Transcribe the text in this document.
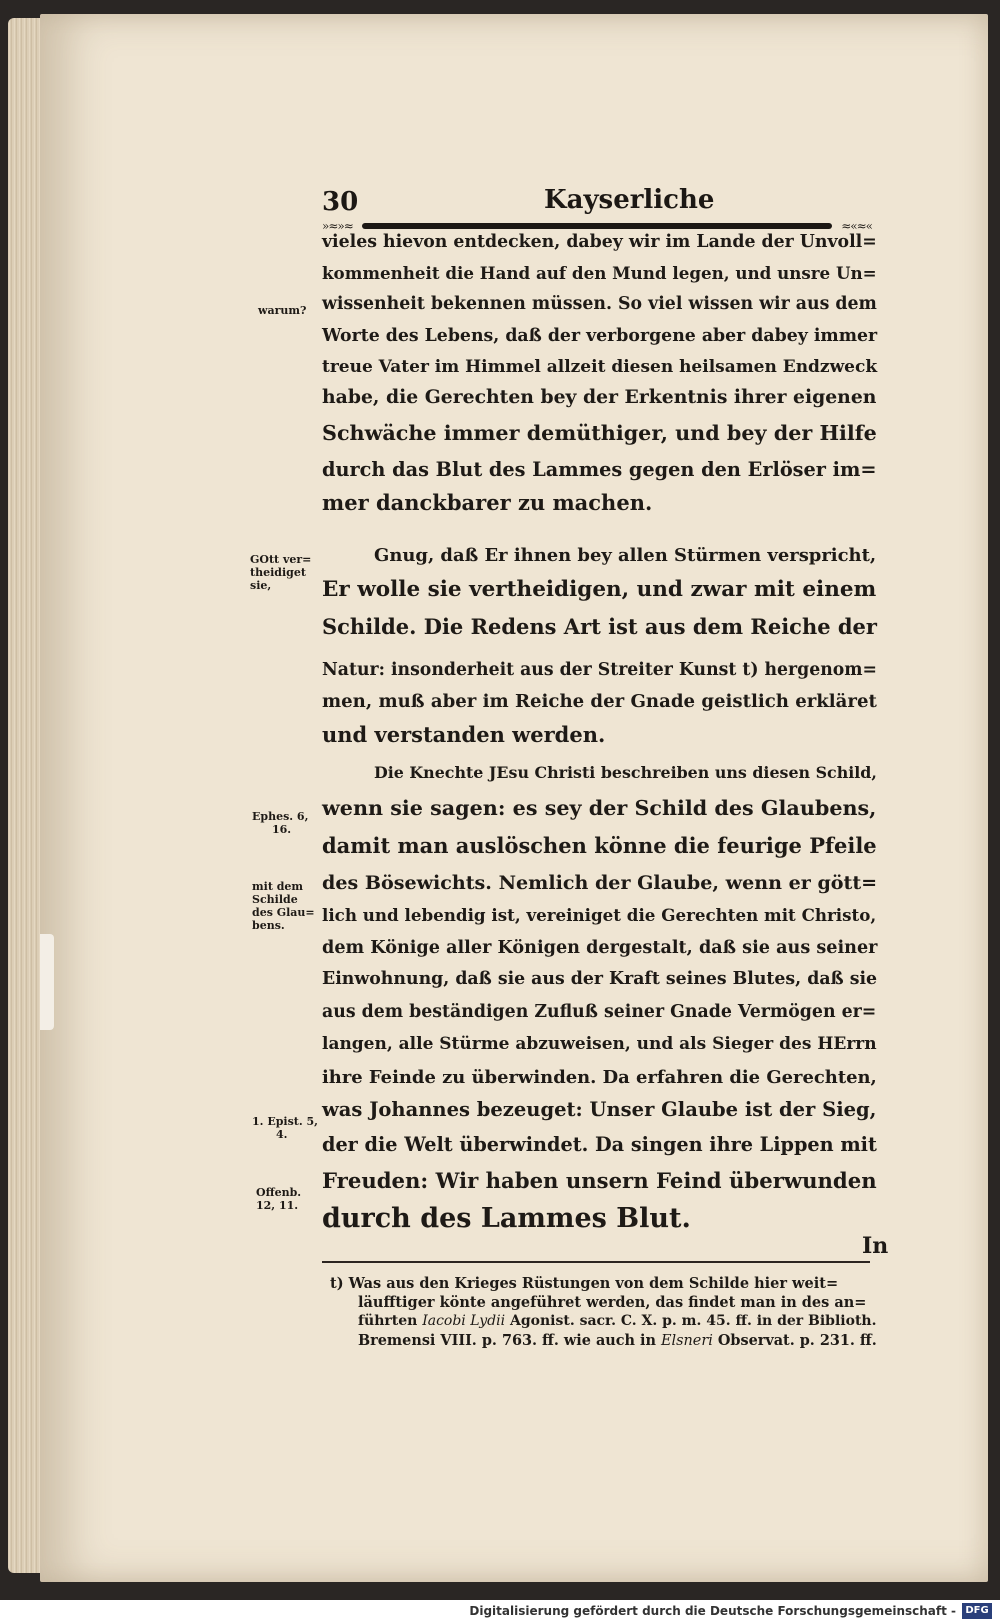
30	Kayserliche
»≈»≈	≈«≈«
vieles hievon entdecken, dabey wir im Lande der Unvoll=
kommenheit die Hand auf den Mund legen, und unsre Un=
wissenheit bekennen müssen. So viel wissen wir aus dem
Worte des Lebens, daß der verborgene aber dabey immer
treue Vater im Himmel allzeit diesen heilsamen Endzweck
habe, die Gerechten bey der Erkentnis ihrer eigenen
Schwäche immer demüthiger, und bey der Hilfe
durch das Blut des Lammes gegen den Erlöser im=
mer danckbarer zu machen.
Gnug, daß Er ihnen bey allen Stürmen verspricht,
Er wolle sie vertheidigen, und zwar mit einem
Schilde. Die Redens Art ist aus dem Reiche der
Natur: insonderheit aus der Streiter Kunst t) hergenom=
men, muß aber im Reiche der Gnade geistlich erkläret
und verstanden werden.
Die Knechte JEsu Christi beschreiben uns diesen Schild,
wenn sie sagen: es sey der Schild des Glaubens,
damit man auslöschen könne die feurige Pfeile
des Bösewichts. Nemlich der Glaube, wenn er gött=
lich und lebendig ist, vereiniget die Gerechten mit Christo,
dem Könige aller Königen dergestalt, daß sie aus seiner
Einwohnung, daß sie aus der Kraft seines Blutes, daß sie
aus dem beständigen Zufluß seiner Gnade Vermögen er=
langen, alle Stürme abzuweisen, und als Sieger des HErrn
ihre Feinde zu überwinden. Da erfahren die Gerechten,
was Johannes bezeuget: Unser Glaube ist der Sieg,
der die Welt überwindet. Da singen ihre Lippen mit
Freuden: Wir haben unsern Feind überwunden
durch des Lammes Blut.
warum?
GOtt ver=
theidiget
sie,
Ephes. 6,
16.
mit dem
Schilde
des Glau=
bens.
1. Epist. 5,
4.
Offenb.
12, 11.
In
t) Was aus den Krieges Rüstungen von dem Schilde hier weit=
läufftiger könte angeführet werden, das findet man in des an=
führten Iacobi Lydii Agonist. sacr. C. X. p. m. 45. ff. in der Biblioth.
Bremensi VIII. p. 763. ff. wie auch in Elsneri Observat. p. 231. ff.
Digitalisierung gefördert durch die Deutsche Forschungsgemeinschaft - DFG
